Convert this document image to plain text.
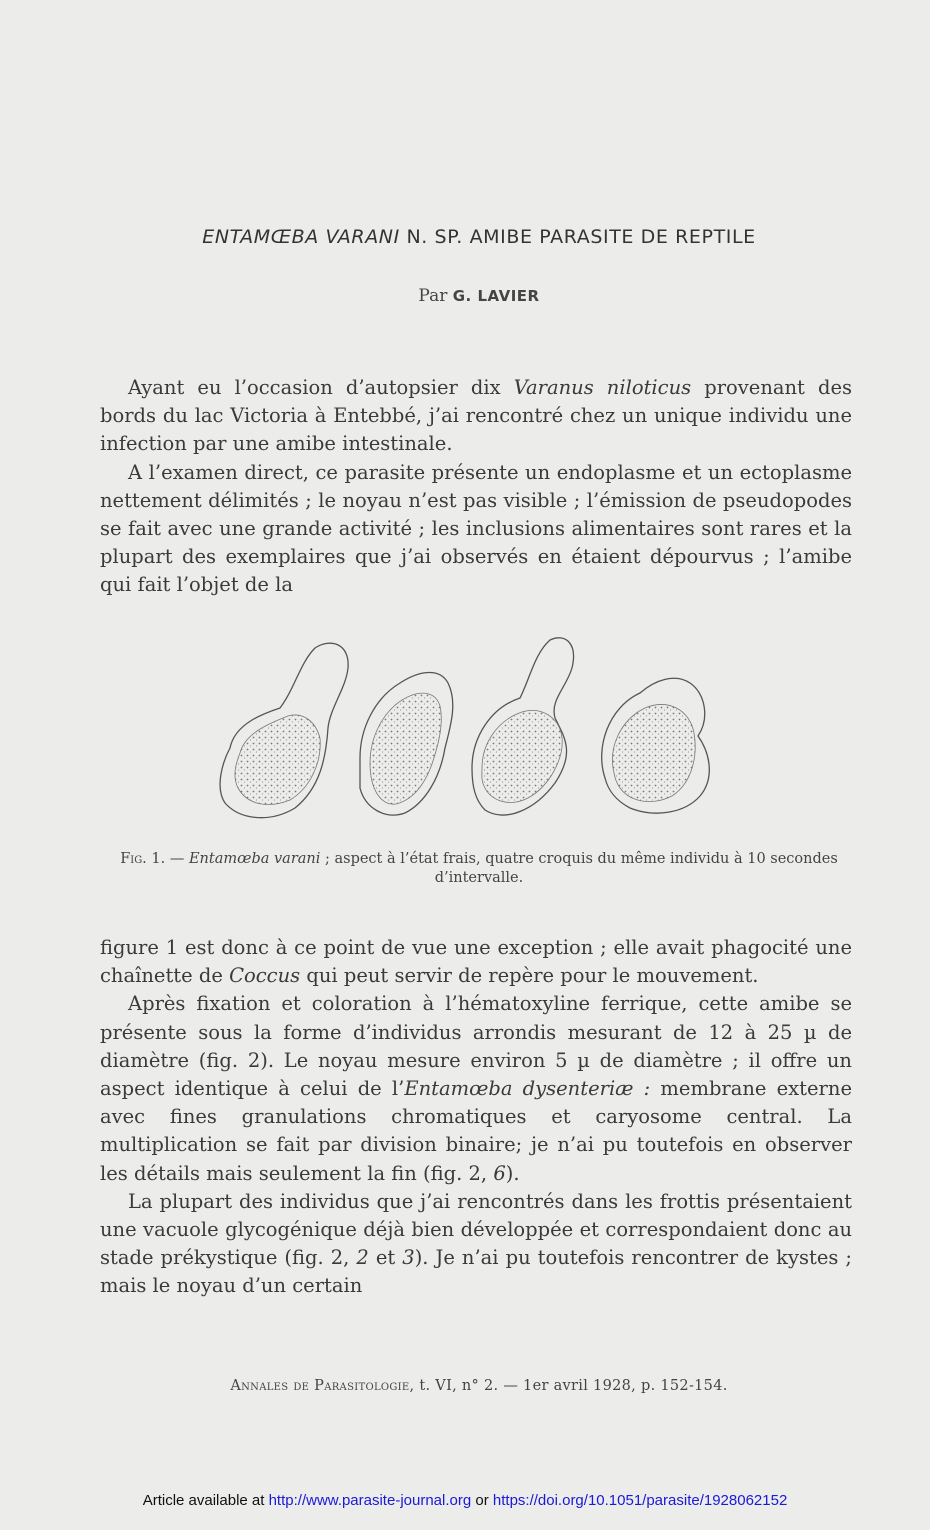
ENTAMŒBA VARANI N. SP. AMIBE PARASITE DE REPTILE
Par G. LAVIER

Ayant eu l’occasion d’autopsier dix Varanus niloticus provenant des bords du lac Victoria à Entebbé, j’ai rencontré chez un unique individu une infection par une amibe intestinale.

A l’examen direct, ce parasite présente un endoplasme et un ectoplasme nettement délimités ; le noyau n’est pas visible ; l’émission de pseudopodes se fait avec une grande activité ; les inclusions alimentaires sont rares et la plupart des exemplaires que j’ai observés en étaient dépourvus ; l’amibe qui fait l’objet de la

Fig. 1. — Entamœba varani ; aspect à l’état frais, quatre croquis du même individu à 10 secondes d’intervalle.

figure 1 est donc à ce point de vue une exception ; elle avait phagocité une chaînette de Coccus qui peut servir de repère pour le mouvement.

Après fixation et coloration à l’hématoxyline ferrique, cette amibe se présente sous la forme d’individus arrondis mesurant de 12 à 25 µ de diamètre (fig. 2). Le noyau mesure environ 5 µ de diamètre ; il offre un aspect identique à celui de l’Entamœba dysenteriæ : membrane externe avec fines granulations chromatiques et caryosome central. La multiplication se fait par division binaire; je n’ai pu toutefois en observer les détails mais seulement la fin (fig. 2, 6).

La plupart des individus que j’ai rencontrés dans les frottis présentaient une vacuole glycogénique déjà bien développée et correspondaient donc au stade prékystique (fig. 2, 2 et 3). Je n’ai pu toutefois rencontrer de kystes ; mais le noyau d’un certain

Annales de Parasitologie, t. VI, n° 2. — 1er avril 1928, p. 152-154.
Article available at http://www.parasite-journal.org or https://doi.org/10.1051/parasite/1928062152
